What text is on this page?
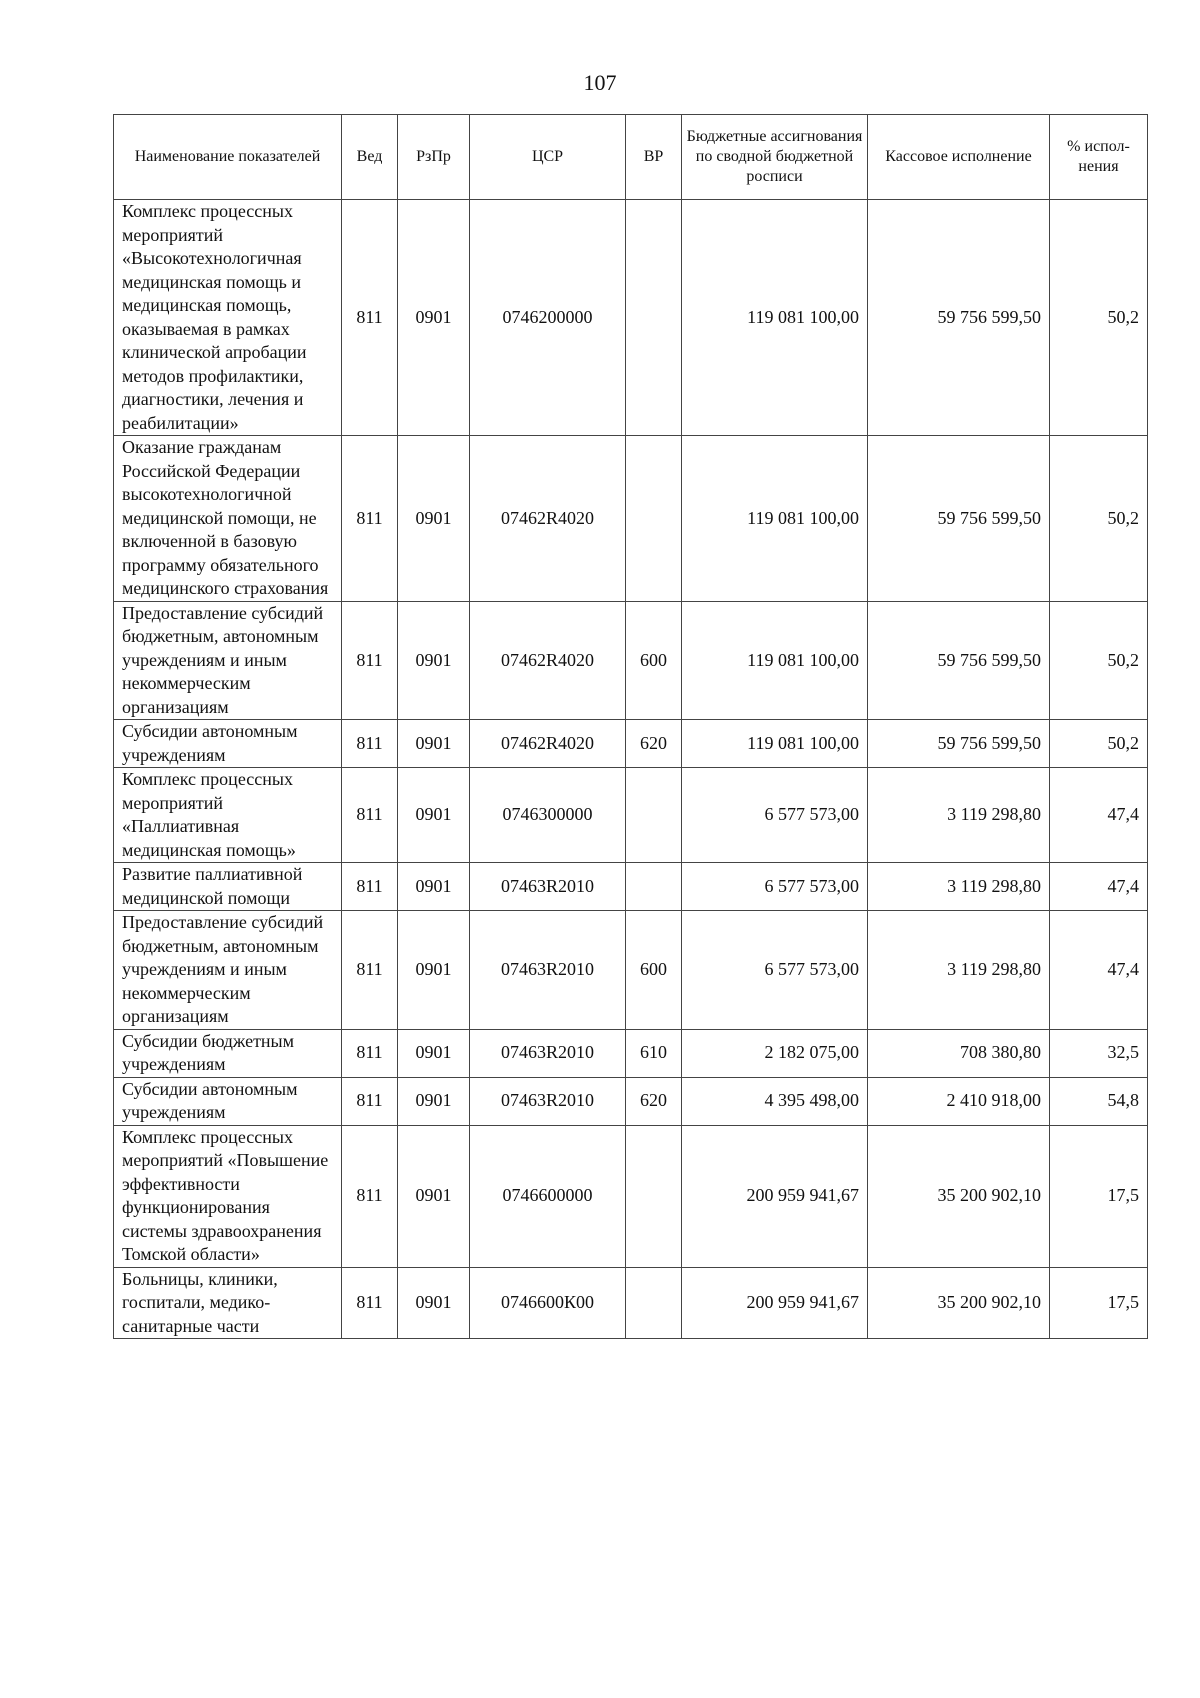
107
Наименование показателей	Вед	РзПр	ЦСР	ВР	Бюджетные ассигнования по сводной бюджетной росписи	Кассовое исполнение	% испол-нения
Комплекс процессных мероприятий «Высокотехнологичная медицинская помощь и медицинская помощь, оказываемая в рамках клинической апробации методов профилактики, диагностики, лечения и реабилитации»	811	0901	0746200000		119 081 100,00	59 756 599,50	50,2
Оказание гражданам Российской Федерации высокотехнологичной медицинской помощи, не включенной в базовую программу обязательного медицинского страхования	811	0901	07462R4020		119 081 100,00	59 756 599,50	50,2
Предоставление субсидий бюджетным, автономным учреждениям и иным некоммерческим организациям	811	0901	07462R4020	600	119 081 100,00	59 756 599,50	50,2
Субсидии автономным учреждениям	811	0901	07462R4020	620	119 081 100,00	59 756 599,50	50,2
Комплекс процессных мероприятий «Паллиативная медицинская помощь»	811	0901	0746300000		6 577 573,00	3 119 298,80	47,4
Развитие паллиативной медицинской помощи	811	0901	07463R2010		6 577 573,00	3 119 298,80	47,4
Предоставление субсидий бюджетным, автономным учреждениям и иным некоммерческим организациям	811	0901	07463R2010	600	6 577 573,00	3 119 298,80	47,4
Субсидии бюджетным учреждениям	811	0901	07463R2010	610	2 182 075,00	708 380,80	32,5
Субсидии автономным учреждениям	811	0901	07463R2010	620	4 395 498,00	2 410 918,00	54,8
Комплекс процессных мероприятий «Повышение эффективности функционирования системы здравоохранения Томской области»	811	0901	0746600000		200 959 941,67	35 200 902,10	17,5
Больницы, клиники, госпитали, медико-санитарные части	811	0901	0746600К00		200 959 941,67	35 200 902,10	17,5
